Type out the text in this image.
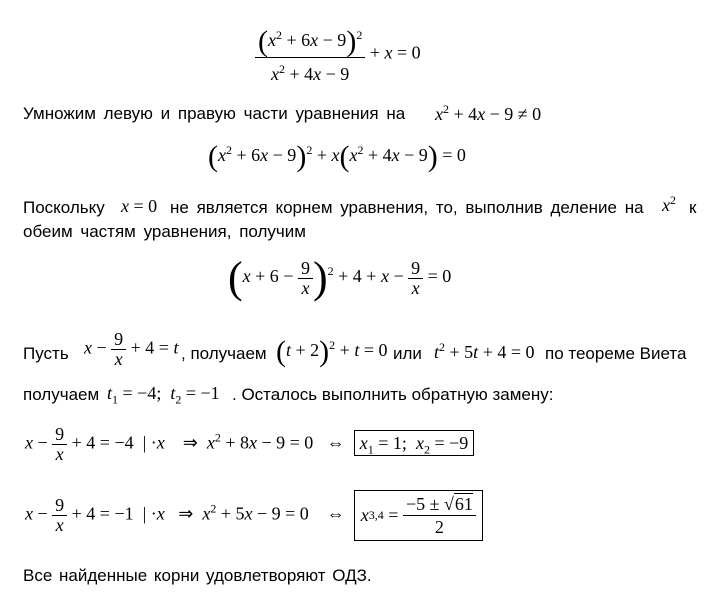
$\frac{(x^2 + 6x - 9)^2}{x^2 + 4x - 9} + x = 0$
Умножим левую и правую части уравнения на $x^2 + 4x - 9 \ne 0$
$(x^2 + 6x - 9)^2 + x(x^2 + 4x - 9) = 0$
Поскольку x = 0 не является корнем уравнения, то, выполнив деление на $x^2$ к
обеим частям уравнения, получим
$(x + 6 - \frac{9}{x} )^2 + 4 + x - \frac{9}{x} = 0$
Пусть $x - \frac{9}{x} + 4 = t$ , получаем $(t + 2)^2 + t = 0$ или $t^2 + 5t + 4 = 0$ по теореме Виета
получаем $t_1 = -4$;  $t_2 = -1$ . Осталось выполнить обратную замену:
$x - \frac{9}{x} + 4 = -4$  | ·x    ⇒  $x^2 + 8x - 9 = 0$   ⇔  $x_1 = 1$;  $x_2 = -9$
$x - \frac{9}{x} + 4 = -1$  | ·x   ⇒  $x^2 + 5x - 9 = 0$    ⇔ x $3,4 = \frac{-5 \pm √61}{2}$
Все найденные корни удовлетворяют ОДЗ.
